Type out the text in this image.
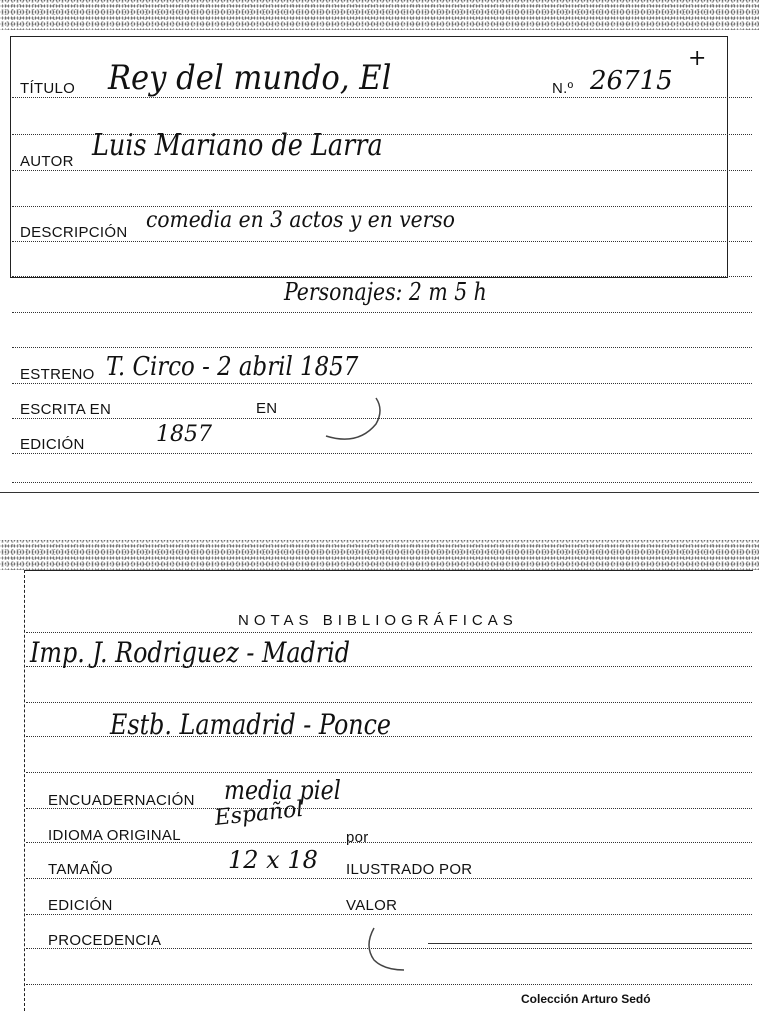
TÍTULO Rey del mundo, El	N.º 26715
+
AUTOR Luis Mariano de Larra
DESCRIPCIÓN comedia en 3 actos y en verso
Personajes: 2 m 5 h
ESTRENO T. Circo - 2 abril 1857
ESCRITA EN	EN
EDICIÓN	1857
NOTAS BIBLIOGRÁFICAS
Imp. J. Rodriguez - Madrid
Estb. Lamadrid - Ponce
ENCUADERNACIÓN media piel
IDIOMA ORIGINAL
Español
por
TAMAÑO	12 x 18 ILUSTRADO POR
EDICIÓN	VALOR
PROCEDENCIA
Colección Arturo Sedó
